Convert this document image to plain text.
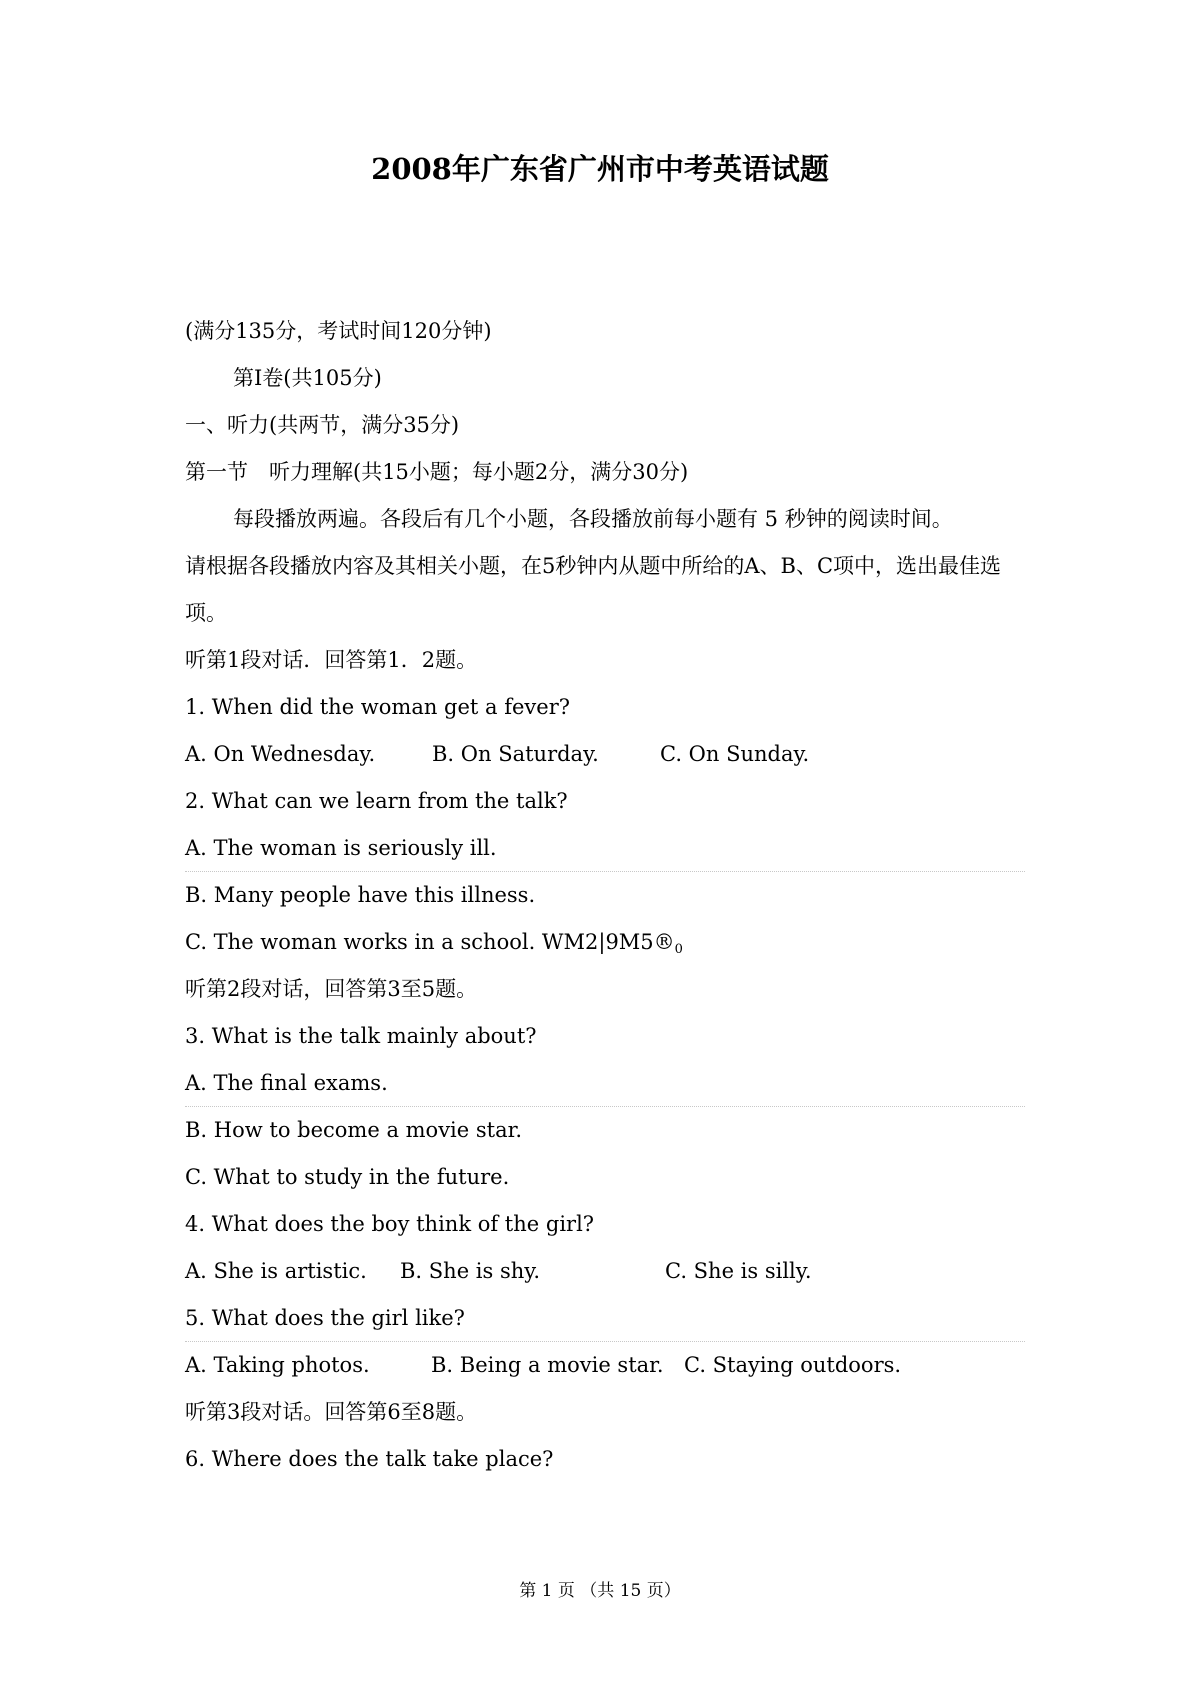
2008年广东省广州市中考英语试题
(满分135分，考试时间120分钟)
第Ⅰ卷(共105分)
一、听力(共两节，满分35分)
第一节　听力理解(共15小题；每小题2分，满分30分)
每段播放两遍。各段后有几个小题，各段播放前每小题有 5 秒钟的阅读时间。
请根据各段播放内容及其相关小题，在5秒钟内从题中所给的A、B、C项中，选出最佳选项。
听第1段对话．回答第1．2题。
1. When did the woman get a fever?
A. On Wednesday.	B. On Saturday.	C. On Sunday.
2. What can we learn from the talk?
A. The woman is seriously ill.
B. Many people have this illness.
C. The woman works in a school. $WM2|9M5®_0$
听第2段对话，回答第3至5题。
3. What is the talk mainly about?
A. The final exams.
B. How to become a movie star.
C. What to study in the future.
4. What does the boy think of the girl?
A. She is artistic.	B. She is shy.	C. She is silly.
5. What does the girl like?
A. Taking photos.	B. Being a movie star. C. Staying outdoors.
听第3段对话。回答第6至8题。
6. Where does the talk take place?
第 1 页 （共 15 页）
